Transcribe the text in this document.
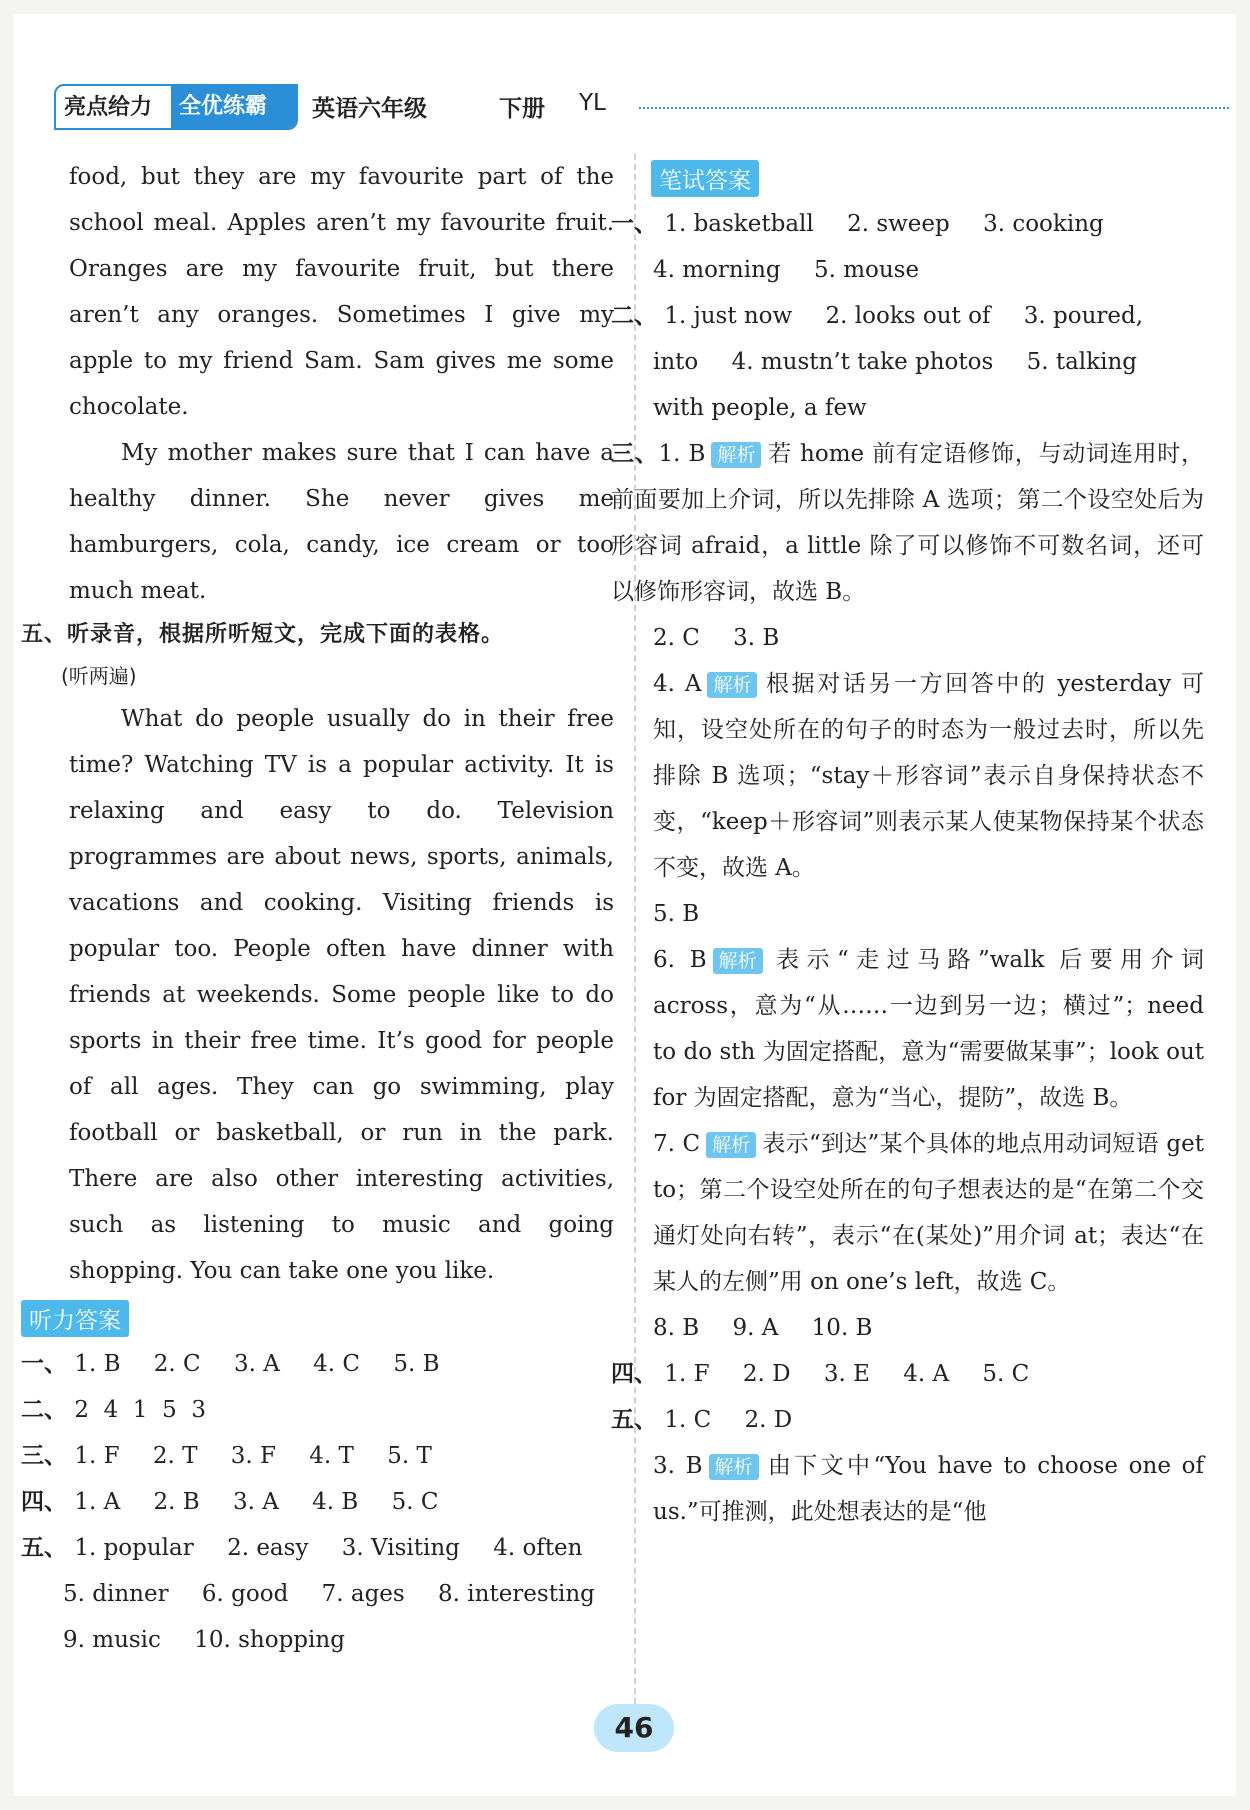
亮点给力	全优练霸	英语六年级	下册 YL

food, but they are my favourite part of the school meal. Apples aren’t my favourite fruit. Oranges are my favourite fruit, but there aren’t any oranges. Sometimes I give my apple to my friend Sam. Sam gives me some chocolate.

My mother makes sure that I can have a healthy dinner. She never gives me hamburgers, cola, candy, ice cream or too much meat.

五、听录音，根据所听短文，完成下面的表格。
(听两遍)

What do people usually do in their free time? Watching TV is a popular activity. It is relaxing and easy to do. Television programmes are about news, sports, animals, vacations and cooking. Visiting friends is popular too. People often have dinner with friends at weekends. Some people like to do sports in their free time. It’s good for people of all ages. They can go swimming, play football or basketball, or run in the park. There are also other interesting activities, such as listening to music and going shopping. You can take one you like.

听力答案
一、 1. B 2. C 3. A 4. C 5. B
二、 2  4  1  5  3
三、 1. F 2. T 3. F 4. T 5. T
四、 1. A 2. B 3. A 4. B 5. C
五、 1. popular 2. easy 3. Visiting 4. often
5. dinner 6. good 7. ages 8. interesting
9. music 10. shopping
笔试答案
一、 1. basketball 2. sweep 3. cooking
4. morning 5. mouse
二、 1. just now 2. looks out of 3. poured,
into 4. mustn’t take photos 5. talking
with people, a few
三、1. B 解析 若 home 前有定语修饰，与动词连用时，前面要加上介词，所以先排除 A 选项；第二个设空处后为形容词 afraid，a little 除了可以修饰不可数名词，还可以修饰形容词，故选 B。
2. C 3. B
4. A 解析 根据对话另一方回答中的 yesterday 可知，设空处所在的句子的时态为一般过去时，所以先排除 B 选项；“stay＋形容词”表示自身保持状态不变，“keep＋形容词”则表示某人使某物保持某个状态不变，故选 A。
5. B
6. B 解析 表示“走过马路”walk 后要用介词 across，意为“从……一边到另一边；横过”；need to do sth 为固定搭配，意为“需要做某事”；look out for 为固定搭配，意为“当心，提防”，故选 B。
7. C 解析 表示“到达”某个具体的地点用动词短语 get to；第二个设空处所在的句子想表达的是“在第二个交通灯处向右转”，表示“在(某处)”用介词 at；表达“在某人的左侧”用 on one’s left，故选 C。
8. B 9. A 10. B
四、 1. F 2. D 3. E 4. A 5. C
五、 1. C 2. D
3. B 解析 由下文中“You have to choose one of us.”可推测，此处想表达的是“他
46
